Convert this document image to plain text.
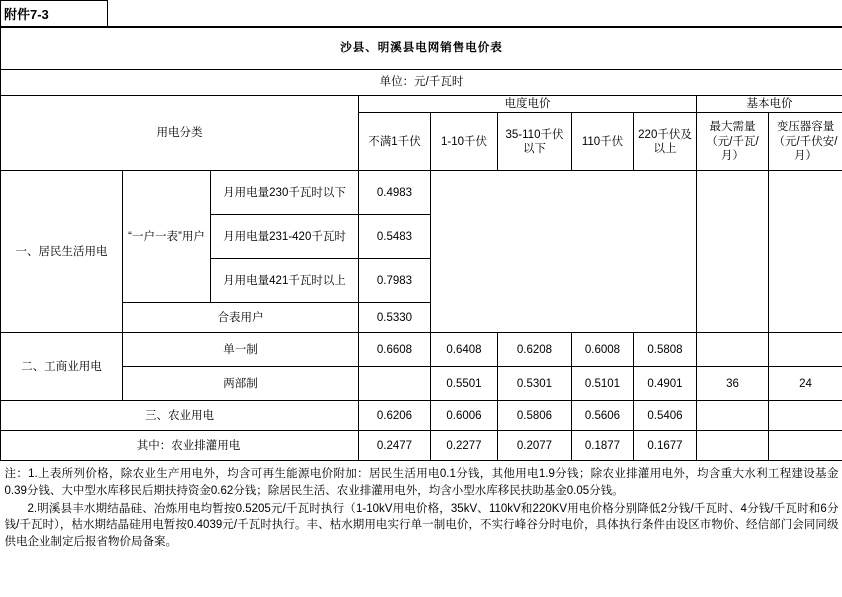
附件7-3
沙县、明溪县电网销售电价表									
单位：元/千瓦时									
用电分类			电度电价					基本电价	
			不满1千伏	1-10千伏	35-110千伏以下	110千伏	220千伏及以上	最大需量（元/千瓦/月）	变压器容量（元/千伏安/月）
一、居民生活用电	“一户一表”用户	月用电量230千瓦时以下	0.4983						
		月用电量231-420千瓦时	0.5483						
		月用电量421千瓦时以上	0.7983						
	合表用户		0.5330						
二、工商业用电	单一制		0.6608	0.6408	0.6208	0.6008	0.5808		
	两部制			0.5501	0.5301	0.5101	0.4901	36	24
三、农业用电			0.6206	0.6006	0.5806	0.5606	0.5406		
其中：农业排灌用电			0.2477	0.2277	0.2077	0.1877	0.1677		

注：1.上表所列价格，除农业生产用电外，均含可再生能源电价附加：居民生活用电0.1分钱，其他用电1.9分钱；除农业排灌用电外，均含重大水利工程建设基金0.39分钱、大中型水库移民后期扶持资金0.62分钱；除居民生活、农业排灌用电外，均含小型水库移民扶助基金0.05分钱。

2.明溪县丰水期结晶硅、冶炼用电均暂按0.5205元/千瓦时执行（1-10kV用电价格，35kV、110kV和220KV用电价格分别降低2分钱/千瓦时、4分钱/千瓦时和6分钱/千瓦时），枯水期结晶硅用电暂按0.4039元/千瓦时执行。丰、枯水期用电实行单一制电价，不实行峰谷分时电价，具体执行条件由设区市物价、经信部门会同同级供电企业制定后报省物价局备案。									
